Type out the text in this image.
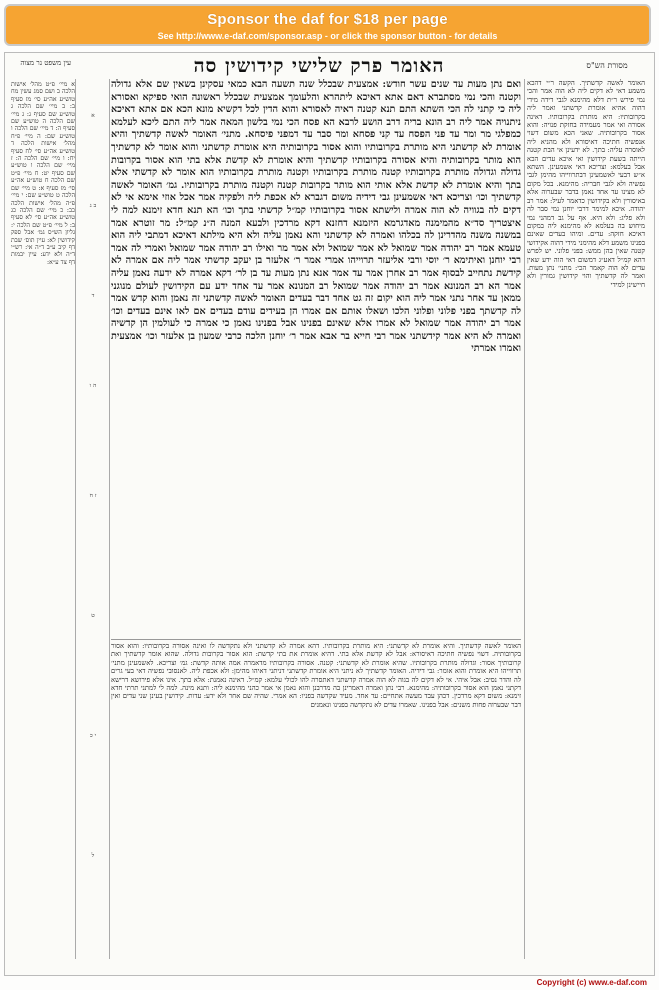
Sponsor the daf for $18 per page
See http://www.e-daf.com/sponsor.asp - or click the sponsor button - for details
עין משפט נר מצוה	האומר פרק שלישי קידושין סה	מסורת הש"ס
א מיי׳ פ״ט מהל׳ אישות הלכה ב ושם סמג עשין מח טוש״ע אה״ע סי׳ מז סעיף ב: ב מיי׳ שם הלכה ג טוש״ע שם סעיף ג: ג מיי׳ שם הלכה ה טוש״ע שם סעיף ה: ד מיי׳ שם הלכה ו טוש״ע שם: ה מיי׳ פ״ח מהל׳ אישות הלכה ד טוש״ע אה״ע סי׳ לח סעיף יח: ו מיי׳ שם הלכה ה: ז מיי׳ שם הלכה ו טוש״ע שם סעיף יט: ח מיי׳ פ״ט שם הלכה ח טוש״ע אה״ע סי׳ מז סעיף א: ט מיי׳ שם הלכה ט טוש״ע שם: י מיי׳ פ״ה מהל׳ אישות הלכה כב: כ מיי׳ שם הלכה כג טוש״ע אה״ע סי׳ לא סעיף ב: ל מיי׳ פ״ט שם הלכה י: גליון הש״ס גמ׳ אבל ספק קידושין לא: עיין תוס׳ שבת דף קיב ע״ב ד״ה אי: רש״י ד״ה ולא ידע: עיין יבמות דף צד ע״א:
א
ב ג
ד
ה ו
ז ח
ט
י כ
ל
ואם נתן מעות עד שנים עשר חודש: אמצעית שבכלל שנה תשעה הבא כמאי עסקינן בשאין שם אלא גדולה וקטנה והכי נמי מסתברא דאם אתא דאיכא ליתהרא והלעומך אמצעית שבכלל ראשונה הואי ספיקא ואסורא ליה כי קתני לה הכי השתא התם תנא קטנה ראיה לאסורא והוא הדין לכל דקשיא מונא הכא אם אתא דאיכא ניתנויה אמר ליה רב הונא בריה דרב הושע לרבא הא פסח הכי נמי בלשון המאה אמר ליה התם ליכא לעלמא כמפלגי מר ומר עד פני הפסח עד קני פסחא ומר סבר עד דמפני פיסחא. מתני׳ האומר לאשה קדשתיך והיא אומרת לא קדשתני היא מותרת בקרובותיו והוא אסור בקרובותיה היא אומרת קדשתני והוא אומר לא קדשתיך הוא מותר בקרובותיה והיא אסורה בקרובותיו קדשתיך והיא אומרת לא קדשת אלא בתי הוא אסור בקרובות גדולה וגדולה מותרת בקרובותיו קטנה מותרת בקרובותיו וקטנה מותרת בקרובותיו הוא אומר לא קדשתי אלא בתך והיא אומרת לא קדשת אלא אותי הוא מותר בקרובות קטנה וקטנה מותרת בקרובותיו. גמ׳ האומר לאשה קדשתיך וכו׳ וצריכא דאי אשמעינן גבי דידיה משום דגברא לא אכפת ליה ולפקיה אמר אכל אוזי אימא אי לא דקים לה בגוויה לא הוה אמרה ולישתא אסור בקרובותיו קמ״ל קדשתי בתך וכו׳ הא תנא חדא זימנא למה לי איצטריך סד״א מהמימנה מאדגרמא היזמנא דחזנא דקא מרדכין ולבעא המנה ה״נ קמ״ל: מר זוטרא אמר במשנה משנה מהדרינן לה בכלהו ואמרה לא קדשתני והא נאמן עליה ולא היא מילתא דאיכא דמתבי ליה הוא טעמא אמר רב יהודה אמר שמואל לא אמר שמואל ולא אמר מר ואילו רב יהודה אמר שמואל ואמרי לה אמר רבי יוחנן ואיתימא ר׳ יוסי ורבי אליעזר תרוייהו אמרי אמר ר׳ אלעזר בן יעקב קדשתי אמר ליה אם אמרה לא קידשת נתחייב לבסוף אמר רב אחרן אמר עד אמר אנא נתן מעות עד בן לר׳ דקא אמרה לא ידעה נאמן עליה אמר הא רב המנונא אמר רב יהודה אמר שמואל רב המנונא אמר עד אחד ידע עם הקידושין לעולם מנוגני ממאן עד אחר נתני אמר ליה הוא יקום זה גט אחד דבר בעדים האומר לאשה קדשתני זה נאמן והוא קדש אמר לה קדשתך בפני פלוני ופלוני הלכו ושאלו אותם אם אמרו הן בעידים עודם בעדים אם לאו אינם בעדים וכו׳ אמר רב יהודה אמר שמואל לא אמרו אלא שאינם בפנינו אבל בפנינו נאמן כי אמרה כי לעולמין הן קדשיה ואמרה לא היא אמר קידשתני אמר רבי חייא בר אבא אמר ר׳ יוחנן הלכה כרבי שמעון בן אלעזר וכו׳ אמצעית ואמרו אמרתי
האומר לאשה קדשתיך. והיא אומרת לא קדשתני: היא מותרת בקרובותיו. דהא אמרה לא קדשתני ולא נתקדשה לו ואינה אסורה בקרובותיו: והוא אסור בקרובותיה. דשוי נפשיה חתיכה דאיסורא: אבל לא קדשת אלא בתי. דהיא אומרת את בתי קדשת: הוא אסור בקרובות גדולה. שהוא אומר קדשתיך ואת קרובותיך אסור: וגדולה מותרת בקרובותיו. שהיא אומרת לא קדשתני: קטנה. אסורה בקרובותיו מדאמרה אמה אותה קדשת: גמ׳ וצריכא. לאשמעינן מתני׳ תרווייהו היא אומרת והוא אומר: גבי דידיה. האומר קדשתיך לא ניתני היא אומרת קדשתני דניתני דאיהו מהימן: ולא אכפת ליה. לאנסובי נפשיה דאי בעי גרים לה והדר נסיב: אבל איהי. אי לא דקים לה בגוה לא הוה אמרה קדשתני דאתסרה להו לכולי עלמא: קמ״ל. דאינה נאמנת: אלא בתך. אינו אלא פירושא דרישא דקתני נאמן הוא אסור בקרובותיה: מהימנא. רבי נתן ואמרה דאמרינן בה מדרבנן והוא נאמן אי אמר כהני מהימנא ליה: ותנא מינה. למה לי למתני תרתי חדא זימנא: משום דקא מרדכין. דכהן עבד מעשה אתחיים: עד אחד. מעיד שקדשה בפניו: הא אמרי. שהיה שם אחר ולא ידע: עדות. קידושין בעינן שני עדים ואין דבר שבערוה פחות משנים: אבל בפנינו. שאמרו עדים לא נתקדשה בפנינו ונאמנים
האומר לאשה קדשתיך. הקשה ר״י דהכא משמע דאי לא דקים ליה לא הוה אמר והכי נמי פירש ר״ת דלא מהימנא לגבי דידה מידי דהוה אהיא אומרת קדשתני ואמר ליה בקרובותיו: היא מותרת בקרובותיו. דאינה אסורה ואי אמר מעמידה בחזקת פנויה: והוא אסור בקרובותיה. שאני הכא משום דשוי אנפשיה חתיכה דאיסורא ולא מהניא ליה לאוסרה עליה: בתך. לא ידעינן אי הבת קטנה הייתה בשעת קידושין ואי איכא עדים הכא אבל בעלמא: וצריכא דאי אשמעינן. השתא א״ש דבעי לאשמעינן דבתרווייהו מהימן לגבי נפשיה ולא לגבי חבריה: מהימנא. בכל מקום לא מצינו עד אחד נאמן בדבר שבערוה אלא באיסורין ולא בקידושין כדאמר לעיל: אמר רב יהודה. איכא למימר דרבי יוחנן נמי סבר לה ולא פליג: ולא היא. אף על גב דמהני נמי מיחוש בה בעלמא לא מהימנא ליה במקום דאיכא חזקה: עדים. ומיהו בעדים שאינם בפנינו משמע דלא מהימני מידי דהוה אקידושי קטנה שאין בהן ממש: בפני פלוני. יש לפרש דהא קמ״ל דאע״ג דמשום דאי הוה ידע שאין עדים לא הוה קאמר הכי: מתני׳ נתן מעות. ואמר לה קדשתיך והוי קידושין גמורין ולא חיישינן למידי
Copyright (c) www.e-daf.com
